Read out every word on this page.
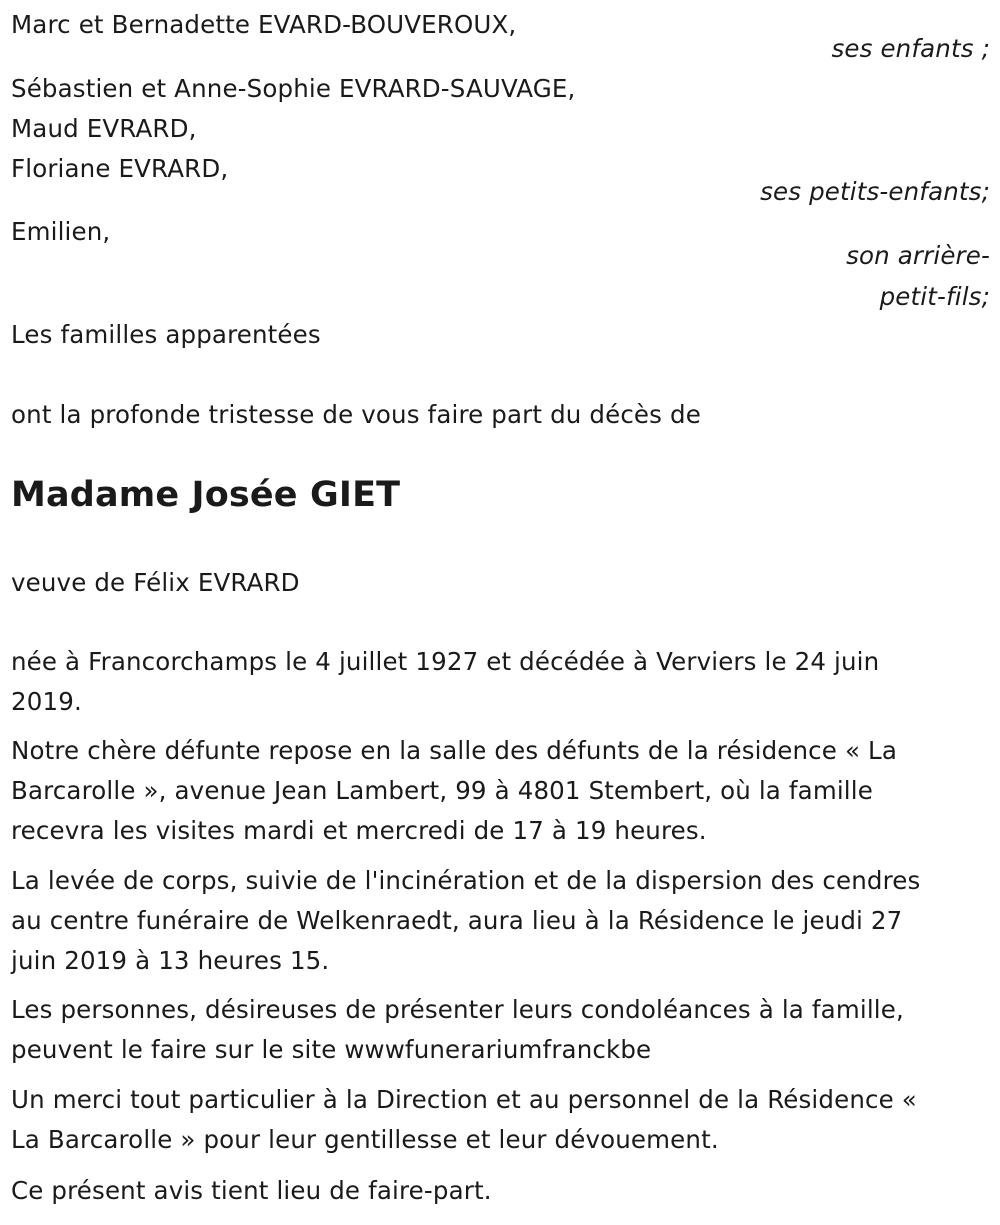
Marc et Bernadette EVARD-BOUVEROUX,
ses enfants ;
Sébastien et Anne-Sophie EVRARD-SAUVAGE,
Maud EVRARD,
Floriane EVRARD,
ses petits-enfants;
Emilien,
son arrière-
petit-fils;
Les familles apparentées
ont la profonde tristesse de vous faire part du décès de
Madame Josée GIET
veuve de Félix EVRARD
née à Francorchamps le 4 juillet 1927 et décédée à Verviers le 24 juin
2019.
Notre chère défunte repose en la salle des défunts de la résidence « La
Barcarolle », avenue Jean Lambert, 99 à 4801 Stembert, où la famille
recevra les visites mardi et mercredi de 17 à 19 heures.
La levée de corps, suivie de l'incinération et de la dispersion des cendres
au centre funéraire de Welkenraedt, aura lieu à la Résidence le jeudi 27
juin 2019 à 13 heures 15.
Les personnes, désireuses de présenter leurs condoléances à la famille,
peuvent le faire sur le site wwwfunerariumfranckbe
Un merci tout particulier à la Direction et au personnel de la Résidence «
La Barcarolle » pour leur gentillesse et leur dévouement.
Ce présent avis tient lieu de faire-part.
